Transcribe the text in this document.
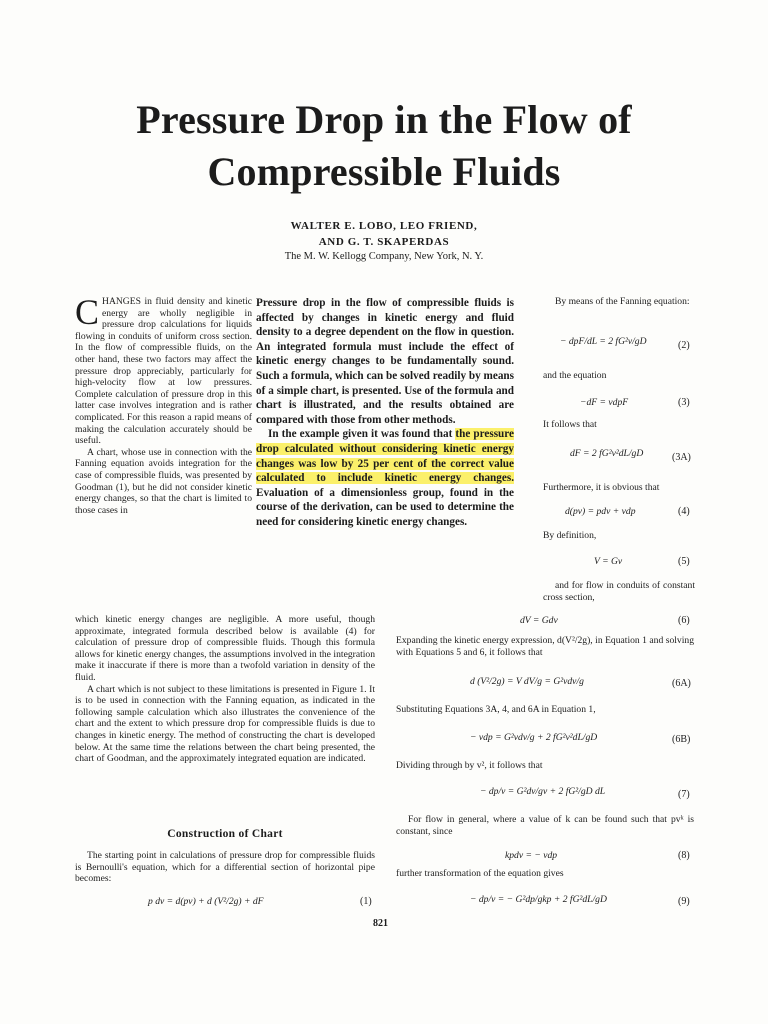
Pressure Drop in the Flow of
Compressible Fluids
WALTER E. LOBO, LEO FRIEND,
AND G. T. SKAPERDAS
The M. W. Kellogg Company, New York, N. Y.

CHANGES in fluid density and kinetic energy are wholly negligible in pressure drop calculations for liquids flowing in conduits of uniform cross section. In the flow of compressible fluids, on the other hand, these two factors may affect the pressure drop appreciably, particularly for high-velocity flow at low pressures. Complete calculation of pressure drop in this latter case involves integration and is rather complicated. For this reason a rapid means of making the calculation accurately should be useful.

A chart, whose use in connection with the Fanning equation avoids integration for the case of compressible fluids, was presented by Goodman (1), but he did not consider kinetic energy changes, so that the chart is limited to those cases in

Pressure drop in the flow of compressible fluids is affected by changes in kinetic energy and fluid density to a degree dependent on the flow in question. An integrated formula must include the effect of kinetic energy changes to be fundamentally sound. Such a formula, which can be solved readily by means of a simple chart, is presented. Use of the formula and chart is illustrated, and the results obtained are compared with those from other methods.

In the example given it was found that the pressure drop calculated without considering kinetic energy changes was low by 25 per cent of the correct value calculated to include kinetic energy changes. Evaluation of a dimensionless group, found in the course of the derivation, can be used to determine the need for considering kinetic energy changes.

which kinetic energy changes are negligible. A more useful, though approximate, integrated formula described below is available (4) for calculation of pressure drop of compressible fluids. Though this formula allows for kinetic energy changes, the assumptions involved in the integration make it inaccurate if there is more than a twofold variation in density of the fluid.

A chart which is not subject to these limitations is presented in Figure 1. It is to be used in connection with the Fanning equation, as indicated in the following sample calculation which also illustrates the convenience of the chart and the extent to which pressure drop for compressible fluids is due to changes in kinetic energy. The method of constructing the chart is developed below. At the same time the relations between the chart being presented, the chart of Goodman, and the approximately integrated equation are indicated.

Construction of Chart

The starting point in calculations of pressure drop for compressible fluids is Bernoulli's equation, which for a differential section of horizontal pipe becomes:

p dv = d(pv) + d (V²/2g) + dF	(1)
821

By means of the Fanning equation:

− dpF/dL = 2 fG²v/gD	(2)
and the equation
−dF = vdpF	(3)
It follows that
dF = 2 fG²v²dL/gD	(3A)
Furthermore, it is obvious that
d(pv) = pdv + vdp	(4)
By definition,
V = Gv	(5)

and for flow in conduits of constant cross section,

dV = Gdv	(6)
Expanding the kinetic energy expression, d(V²/2g), in Equation 1 and solving with Equations 5 and 6, it follows that
d (V²/2g) = V dV/g = G²vdv/g	(6A)
Substituting Equations 3A, 4, and 6A in Equation 1,
− vdp = G²vdv/g + 2 fG²v²dL/gD	(6B)
Dividing through by v², it follows that
− dp/v = G²dv/gv + 2 fG²/gD dL	(7)

For flow in general, where a value of k can be found such that pvᵏ is constant, since

kpdv = − vdp	(8)
further transformation of the equation gives
− dp/v = − G²dp/gkp + 2 fG²dL/gD	(9)
